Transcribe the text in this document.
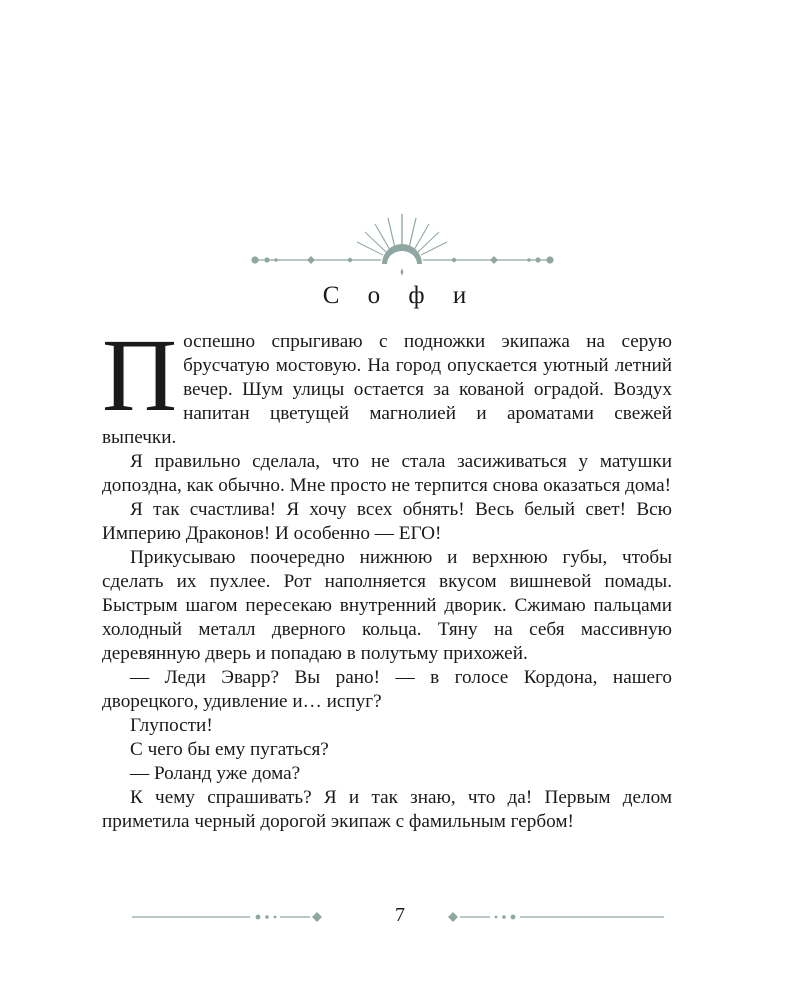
С о ф и

П оспешно спрыгиваю с подножки экипажа на серую брусчатую мостовую. На город опускается уютный летний вечер. Шум улицы остается за кованой оградой. Воздух напитан цветущей магнолией и ароматами свежей выпечки.

Я правильно сделала, что не стала засиживаться у матушки допоздна, как обычно. Мне просто не терпится снова оказаться дома!

Я так счастлива! Я хочу всех обнять! Весь белый свет! Всю Империю Драконов! И особенно — ЕГО!

Прикусываю поочередно нижнюю и верхнюю губы, чтобы сделать их пухлее. Рот наполняется вкусом вишневой помады. Быстрым шагом пересекаю внутренний дворик. Сжимаю пальцами холодный металл дверного кольца. Тяну на себя массивную деревянную дверь и попадаю в полутьму прихожей.

— Леди Эварр? Вы рано! — в голосе Кордона, нашего дворецкого, удивление и… испуг?

Глупости!

С чего бы ему пугаться?

— Роланд уже дома?

К чему спрашивать? Я и так знаю, что да! Первым делом приметила черный дорогой экипаж с фамильным гербом!

7
